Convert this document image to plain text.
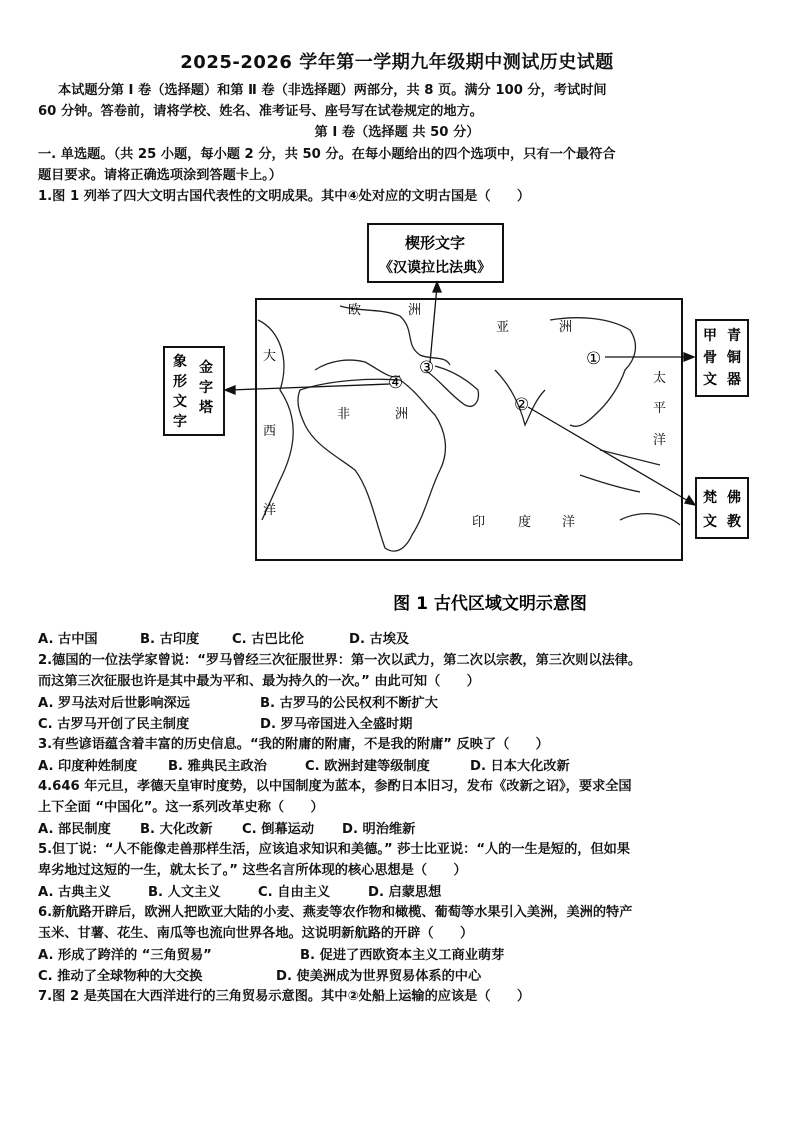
2025-2026 学年第一学期九年级期中测试历史试题
本试题分第 Ⅰ 卷（选择题）和第 Ⅱ 卷（非选择题）两部分，共 8 页。满分 100 分，考试时间
60 分钟。答卷前，请将学校、姓名、准考证号、座号写在试卷规定的地方。
第 Ⅰ 卷（选择题 共 50 分）
一. 单选题。（共 25 小题，每小题 2 分，共 50 分。在每小题给出的四个选项中，只有一个最符合
题目要求。请将正确选项涂到答题卡上。）
1.图 1 列举了四大文明古国代表性的文明成果。其中④处对应的文明古国是（　　）
楔形文字
《汉谟拉比法典》
象
形
文
字
金
字
塔
甲
骨
文
青
铜
器
梵
文
佛
教
欧	洲
亚	洲
大
西
洋
非	洲
印	度 洋
太
平
洋
①
②
③
④
图 1 古代区域文明示意图
A. 古中国	B. 古印度 C. 古巴比伦	D. 古埃及
2.德国的一位法学家曾说：“罗马曾经三次征服世界：第一次以武力，第二次以宗教，第三次则以法律。
而这第三次征服也许是其中最为平和、最为持久的一次。” 由此可知（　　）
A. 罗马法对后世影响深远	B. 古罗马的公民权利不断扩大
C. 古罗马开创了民主制度	D. 罗马帝国进入全盛时期
3.有些谚语蕴含着丰富的历史信息。“我的附庸的附庸，不是我的附庸” 反映了（　　）
A. 印度种姓制度 B. 雅典民主政治	C. 欧洲封建等级制度	D. 日本大化改新
4.646 年元旦，孝德天皇审时度势，以中国制度为蓝本，参酌日本旧习，发布《改新之诏》，要求全国
上下全面 “中国化”。这一系列改革史称（　　）
A. 部民制度 B. 大化改新 C. 倒幕运动 D. 明治维新
5.但丁说：“人不能像走兽那样生活，应该追求知识和美德。” 莎士比亚说：“人的一生是短的，但如果
卑劣地过这短的一生，就太长了。” 这些名言所体现的核心思想是（　　）
A. 古典主义	B. 人文主义	C. 自由主义	D. 启蒙思想
6.新航路开辟后，欧洲人把欧亚大陆的小麦、燕麦等农作物和橄榄、葡萄等水果引入美洲，美洲的特产
玉米、甘薯、花生、南瓜等也流向世界各地。这说明新航路的开辟（　　）
A. 形成了跨洋的 “三角贸易”	B. 促进了西欧资本主义工商业萌芽
C. 推动了全球物种的大交换	D. 使美洲成为世界贸易体系的中心
7.图 2 是英国在大西洋进行的三角贸易示意图。其中②处船上运输的应该是（　　）
